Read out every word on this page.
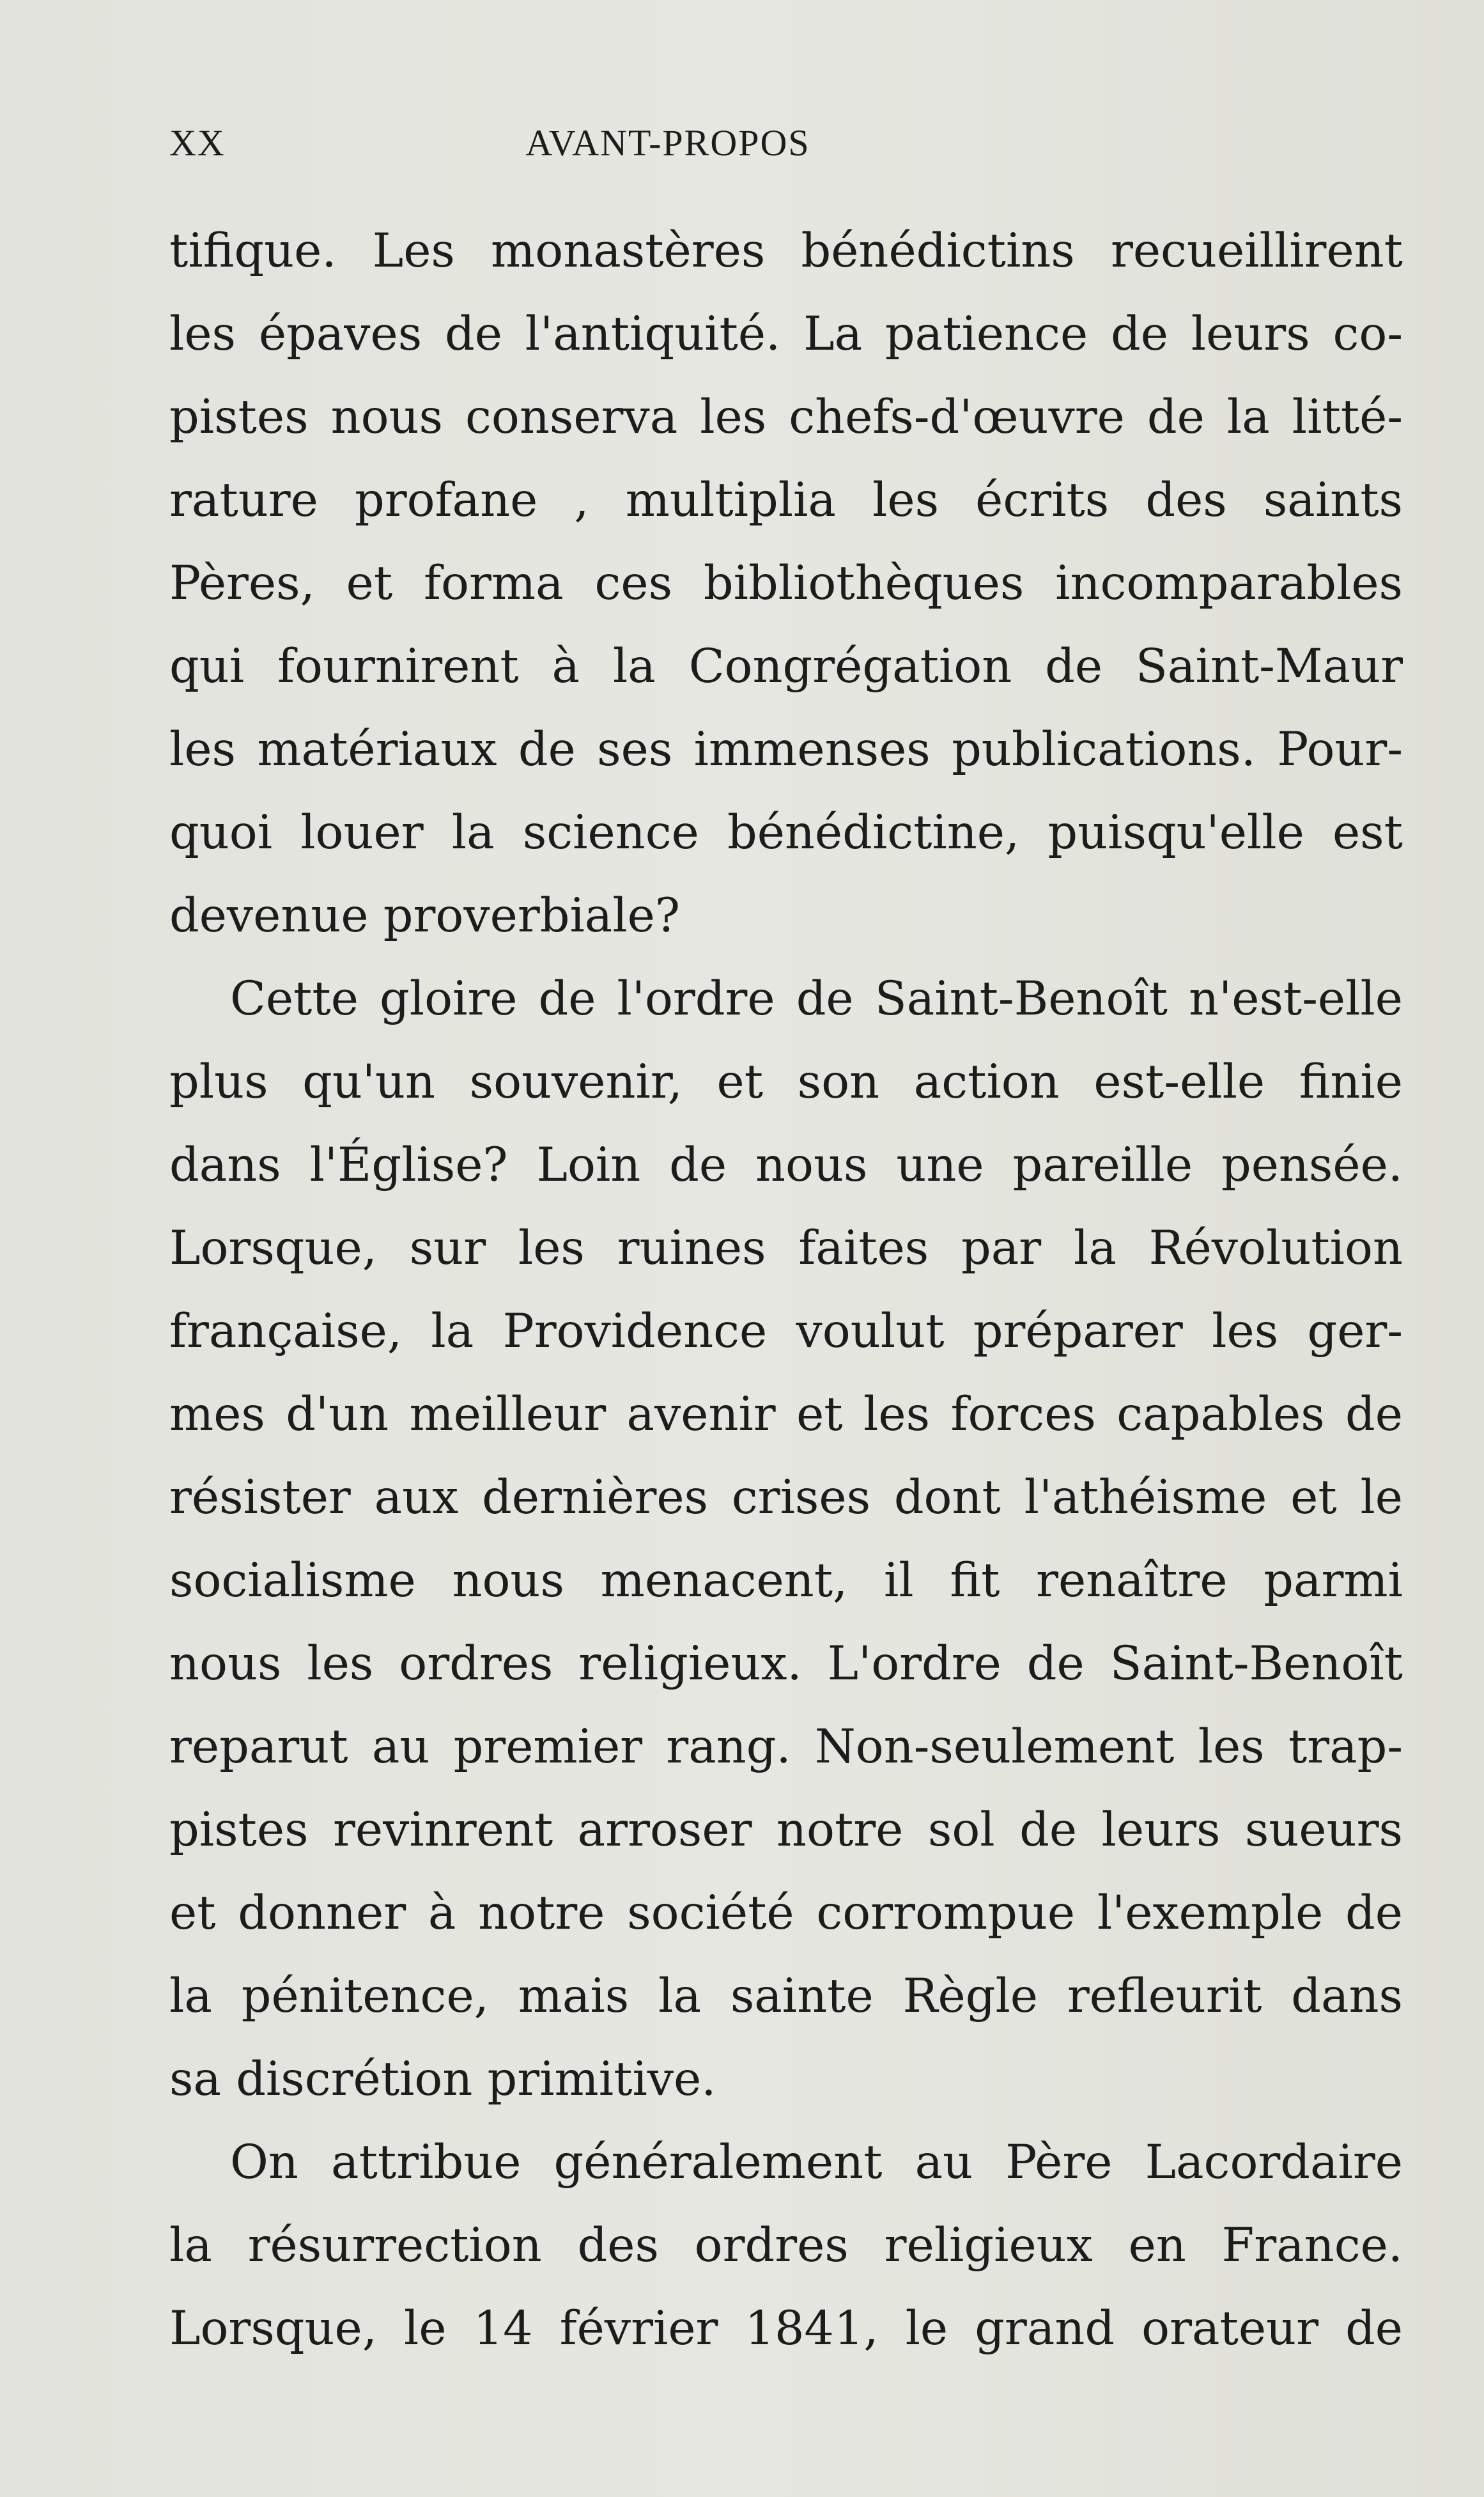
XX	AVANT-PROPOS
tifique. Les monastères bénédictins recueillirent
les épaves de l'antiquité. La patience de leurs co-
pistes nous conserva les chefs-d'œuvre de la litté-
rature profane , multiplia les écrits des saints
Pères, et forma ces bibliothèques incomparables
qui fournirent à la Congrégation de Saint-Maur
les matériaux de ses immenses publications. Pour-
quoi louer la science bénédictine, puisqu'elle est
devenue proverbiale?
Cette gloire de l'ordre de Saint-Benoît n'est-elle
plus qu'un souvenir, et son action est-elle finie
dans l'Église? Loin de nous une pareille pensée.
Lorsque, sur les ruines faites par la Révolution
française, la Providence voulut préparer les ger-
mes d'un meilleur avenir et les forces capables de
résister aux dernières crises dont l'athéisme et le
socialisme nous menacent, il fit renaître parmi
nous les ordres religieux. L'ordre de Saint-Benoît
reparut au premier rang. Non-seulement les trap-
pistes revinrent arroser notre sol de leurs sueurs
et donner à notre société corrompue l'exemple de
la pénitence, mais la sainte Règle refleurit dans
sa discrétion primitive.
On attribue généralement au Père Lacordaire
la résurrection des ordres religieux en France.
Lorsque, le 14 février 1841, le grand orateur de
